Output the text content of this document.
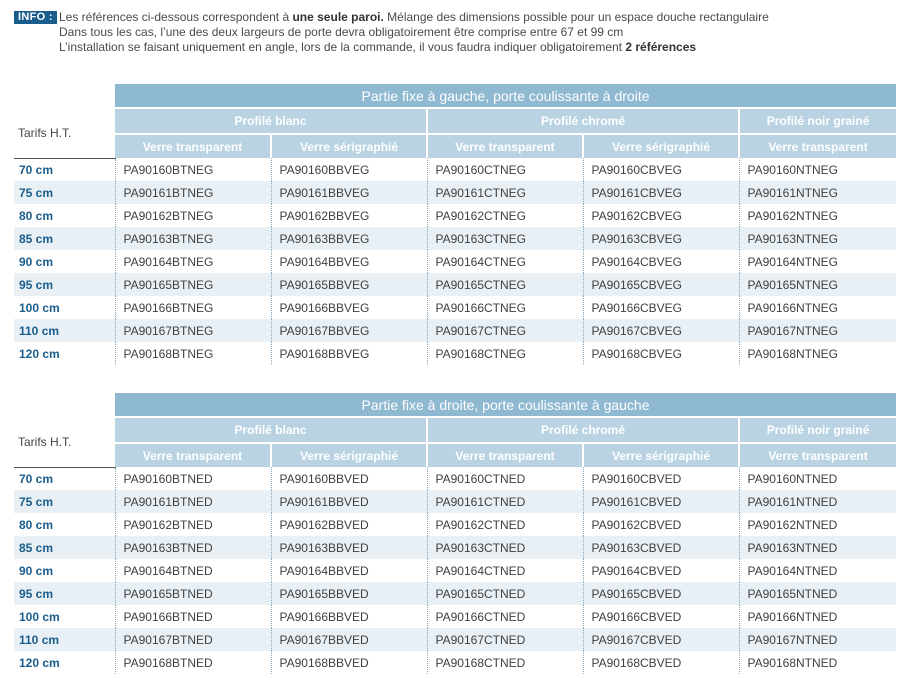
INFO : Les références ci-dessous correspondent à une seule paroi. Mélange des dimensions possible pour un espace douche rectangulaire
Dans tous les cas, l’une des deux largeurs de porte devra obligatoirement être comprise entre 67 et 99 cm
L’installation se faisant uniquement en angle, lors de la commande, il vous faudra indiquer obligatoirement 2 références
	Partie fixe à gauche, porte coulissante à droite				
Tarifs H.T.	Profilé blanc		Profilé chromé		Profilé noir grainé
	Verre transparent	Verre sérigraphié	Verre transparent	Verre sérigraphié	Verre transparent
70 cm	PA90160BTNEG	PA90160BBVEG	PA90160CTNEG	PA90160CBVEG	PA90160NTNEG
75 cm	PA90161BTNEG	PA90161BBVEG	PA90161CTNEG	PA90161CBVEG	PA90161NTNEG
80 cm	PA90162BTNEG	PA90162BBVEG	PA90162CTNEG	PA90162CBVEG	PA90162NTNEG
85 cm	PA90163BTNEG	PA90163BBVEG	PA90163CTNEG	PA90163CBVEG	PA90163NTNEG
90 cm	PA90164BTNEG	PA90164BBVEG	PA90164CTNEG	PA90164CBVEG	PA90164NTNEG
95 cm	PA90165BTNEG	PA90165BBVEG	PA90165CTNEG	PA90165CBVEG	PA90165NTNEG
100 cm	PA90166BTNEG	PA90166BBVEG	PA90166CTNEG	PA90166CBVEG	PA90166NTNEG
110 cm	PA90167BTNEG	PA90167BBVEG	PA90167CTNEG	PA90167CBVEG	PA90167NTNEG
120 cm	PA90168BTNEG	PA90168BBVEG	PA90168CTNEG	PA90168CBVEG	PA90168NTNEG
	Partie fixe à droite, porte coulissante à gauche				
Tarifs H.T.	Profilé blanc		Profilé chromé		Profilé noir grainé
	Verre transparent	Verre sérigraphié	Verre transparent	Verre sérigraphié	Verre transparent
70 cm	PA90160BTNED	PA90160BBVED	PA90160CTNED	PA90160CBVED	PA90160NTNED
75 cm	PA90161BTNED	PA90161BBVED	PA90161CTNED	PA90161CBVED	PA90161NTNED
80 cm	PA90162BTNED	PA90162BBVED	PA90162CTNED	PA90162CBVED	PA90162NTNED
85 cm	PA90163BTNED	PA90163BBVED	PA90163CTNED	PA90163CBVED	PA90163NTNED
90 cm	PA90164BTNED	PA90164BBVED	PA90164CTNED	PA90164CBVED	PA90164NTNED
95 cm	PA90165BTNED	PA90165BBVED	PA90165CTNED	PA90165CBVED	PA90165NTNED
100 cm	PA90166BTNED	PA90166BBVED	PA90166CTNED	PA90166CBVED	PA90166NTNED
110 cm	PA90167BTNED	PA90167BBVED	PA90167CTNED	PA90167CBVED	PA90167NTNED
120 cm	PA90168BTNED	PA90168BBVED	PA90168CTNED	PA90168CBVED	PA90168NTNED
